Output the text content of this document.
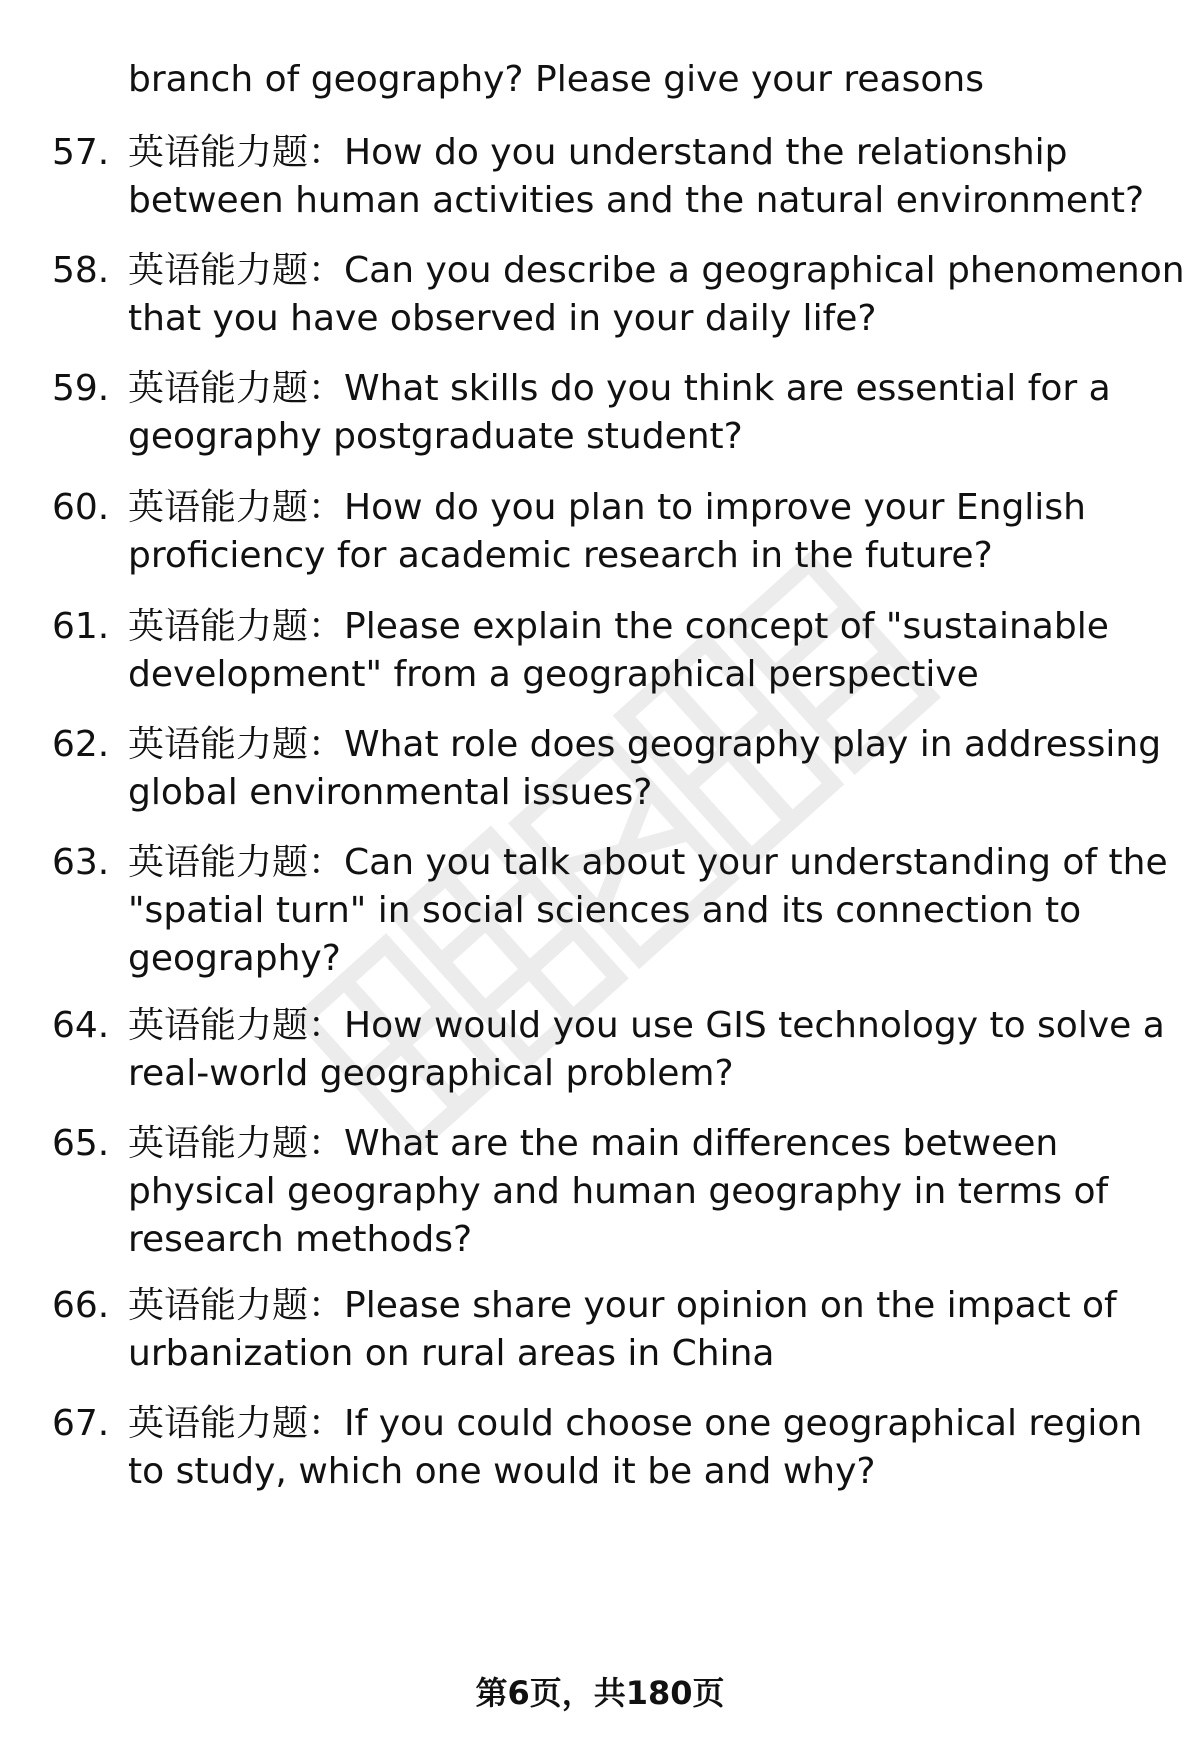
branch of geography? Please give your reasons
57. 英语能力题：How do you understand the relationship
between human activities and the natural environment?
58. 英语能力题：Can you describe a geographical phenomenon
that you have observed in your daily life?
59. 英语能力题：What skills do you think are essential for a
geography postgraduate student?
60. 英语能力题：How do you plan to improve your English
proficiency for academic research in the future?
61. 英语能力题：Please explain the concept of "sustainable
development" from a geographical perspective
62. 英语能力题：What role does geography play in addressing
global environmental issues?
63. 英语能力题：Can you talk about your understanding of the
"spatial turn" in social sciences and its connection to
geography?
64. 英语能力题：How would you use GIS technology to solve a
real-world geographical problem?
65. 英语能力题：What are the main differences between
physical geography and human geography in terms of
research methods?
66. 英语能力题：Please share your opinion on the impact of
urbanization on rural areas in China
67. 英语能力题：If you could choose one geographical region
to study, which one would it be and why?
第6页，共180页
